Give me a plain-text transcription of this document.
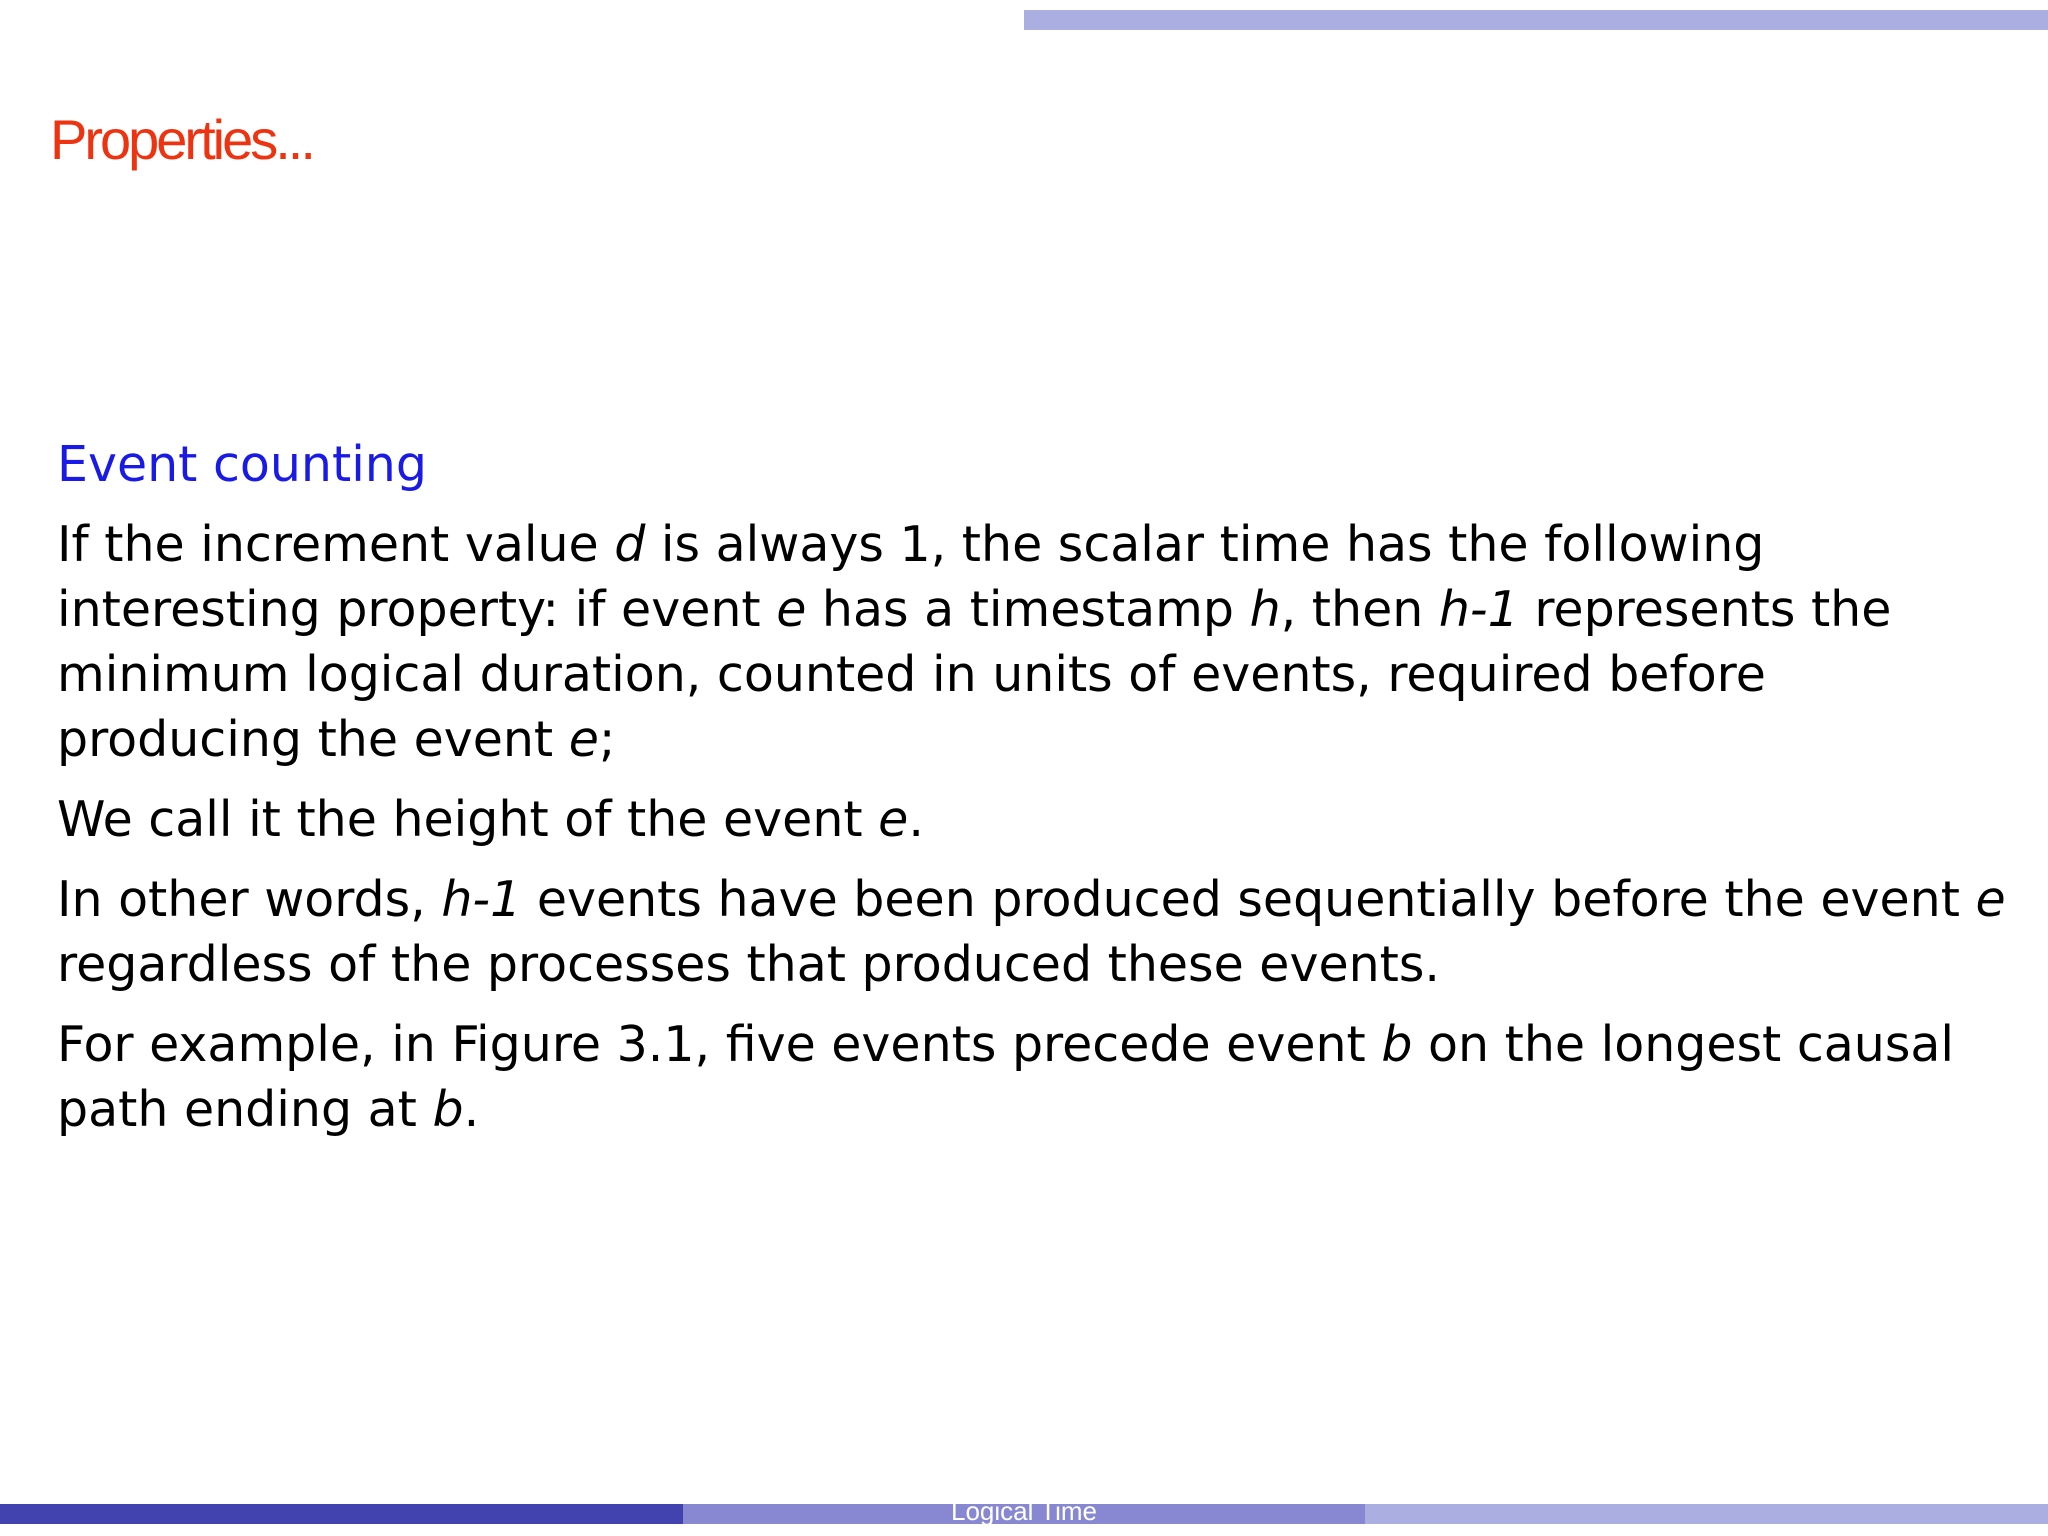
Properties...
Event counting
If the increment value d is always 1, the scalar time has the following interesting property: if event e has a timestamp h, then h-1 represents the minimum logical duration, counted in units of events, required before producing the event e;
We call it the height of the event e.
In other words, h-1 events have been produced sequentially before the event e regardless of the processes that produced these events.
For example, in Figure 3.1, five events precede event b on the longest causal path ending at b.
Logical Time
